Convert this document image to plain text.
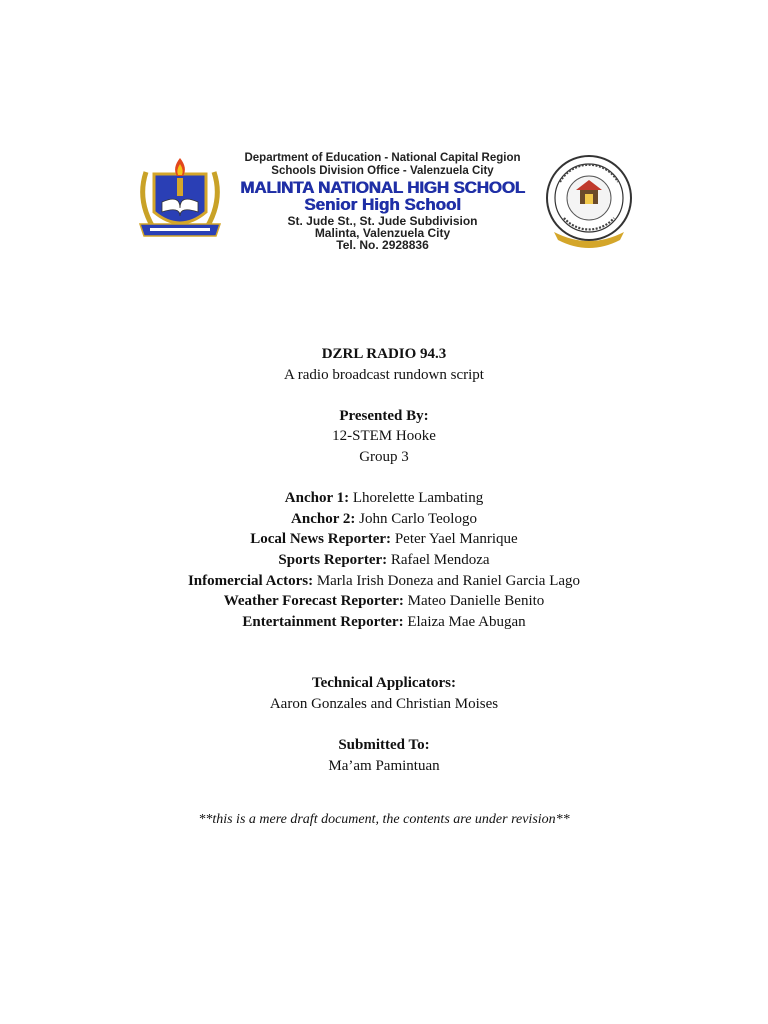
Department of Education - National Capital Region
Schools Division Office - Valenzuela City
MALINTA NATIONAL HIGH SCHOOL
Senior High School
St. Jude St., St. Jude Subdivision
Malinta, Valenzuela City
Tel. No. 2928836

DZRL RADIO 94.3

A radio broadcast rundown script

Presented By:

12-STEM Hooke

Group 3

Anchor 1: Lhorelette Lambating

Anchor 2: John Carlo Teologo

Local News Reporter: Peter Yael Manrique

Sports Reporter: Rafael Mendoza

Infomercial Actors: Marla Irish Doneza and Raniel Garcia Lago

Weather Forecast Reporter: Mateo Danielle Benito

Entertainment Reporter: Elaiza Mae Abugan

Technical Applicators:

Aaron Gonzales and Christian Moises

Submitted To:

Ma’am Pamintuan

**this is a mere draft document, the contents are under revision**
